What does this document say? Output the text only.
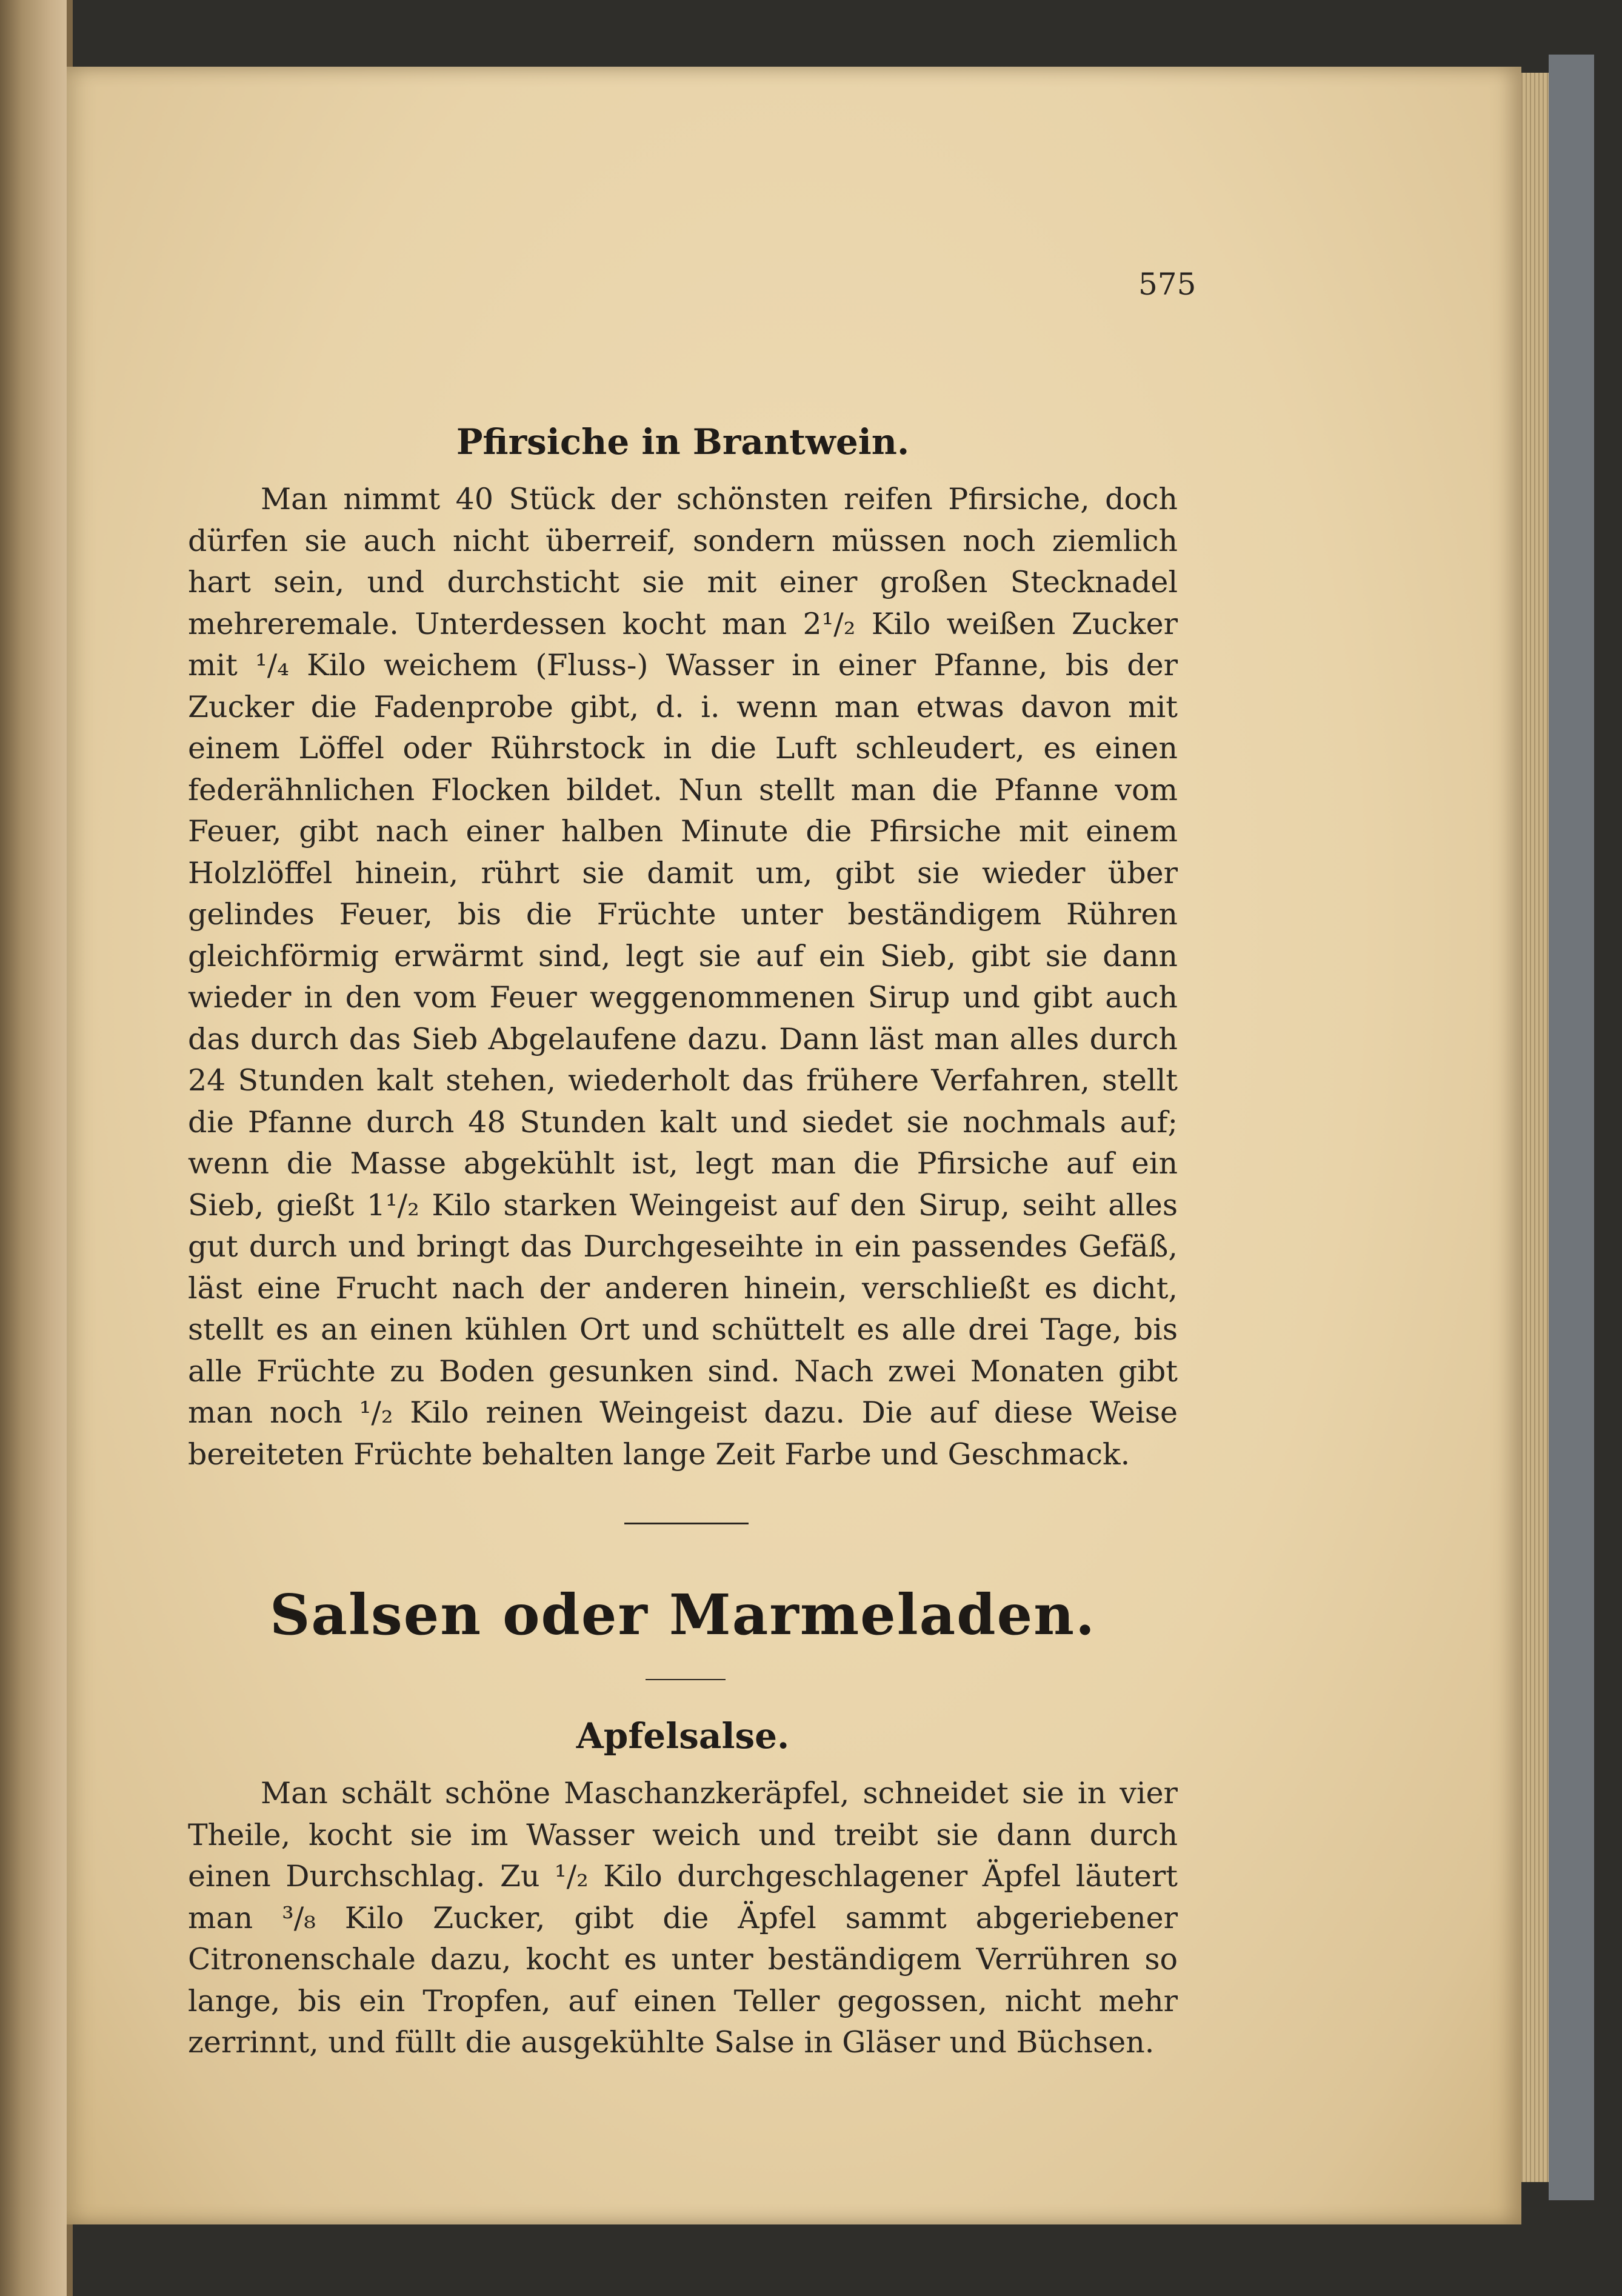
575
Pfirsiche in Brantwein.
Man nimmt 40 Stück der schönsten reifen Pfirsiche, doch dürfen sie auch nicht überreif, sondern müssen noch ziemlich hart sein, und durchsticht sie mit einer großen Stecknadel mehreremale. Unterdessen kocht man 2¹/₂ Kilo weißen Zucker mit ¹/₄ Kilo weichem (Fluss-) Wasser in einer Pfanne, bis der Zucker die Fadenprobe gibt, d. i. wenn man etwas davon mit einem Löffel oder Rührstock in die Luft schleudert, es einen federähnlichen Flocken bildet. Nun stellt man die Pfanne vom Feuer, gibt nach einer halben Minute die Pfirsiche mit einem Holzlöffel hinein, rührt sie damit um, gibt sie wieder über gelindes Feuer, bis die Früchte unter beständigem Rühren gleichförmig erwärmt sind, legt sie auf ein Sieb, gibt sie dann wieder in den vom Feuer weggenommenen Sirup und gibt auch das durch das Sieb Abgelaufene dazu. Dann läst man alles durch 24 Stunden kalt stehen, wiederholt das frühere Verfahren, stellt die Pfanne durch 48 Stunden kalt und siedet sie nochmals auf; wenn die Masse abgekühlt ist, legt man die Pfirsiche auf ein Sieb, gießt 1¹/₂ Kilo starken Weingeist auf den Sirup, seiht alles gut durch und bringt das Durchgeseihte in ein passendes Gefäß, läst eine Frucht nach der anderen hinein, verschließt es dicht, stellt es an einen kühlen Ort und schüttelt es alle drei Tage, bis alle Früchte zu Boden gesunken sind. Nach zwei Monaten gibt man noch ¹/₂ Kilo reinen Weingeist dazu. Die auf diese Weise bereiteten Früchte behalten lange Zeit Farbe und Geschmack.
Salsen oder Marmeladen.
Apfelsalse.
Man schält schöne Maschanzkeräpfel, schneidet sie in vier Theile, kocht sie im Wasser weich und treibt sie dann durch einen Durchschlag. Zu ¹/₂ Kilo durchgeschlagener Äpfel läutert man ³/₈ Kilo Zucker, gibt die Äpfel sammt abgeriebener Citronenschale dazu, kocht es unter beständigem Verrühren so lange, bis ein Tropfen, auf einen Teller gegossen, nicht mehr zerrinnt, und füllt die ausgekühlte Salse in Gläser und Büchsen.
